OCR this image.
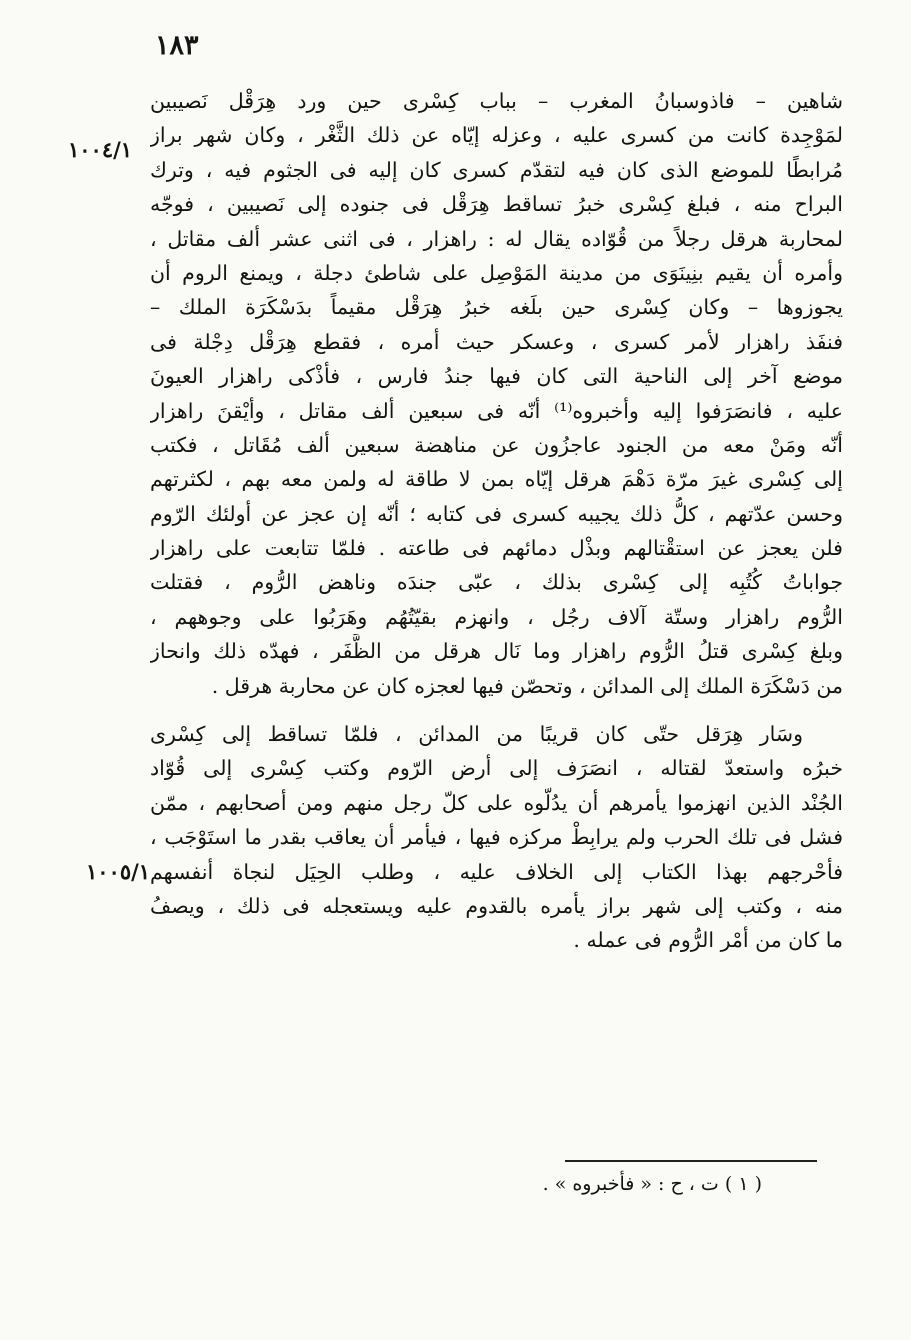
١٨٣
١٠٠٤/١
١٠٠٥/١
شاهين – فاذوسبانُ المغرب – بباب كِسْرى حين ورد هِرَقْل نَصيبين
لمَوْجِدة كانت من كسرى عليه ، وعزله إيّاه عن ذلك الثَّغْر ، وكان شهر براز
مُرابطًا للموضع الذى كان فيه لتقدّم كسرى كان إليه فى الجثوم فيه ، وترك
البراح منه ، فبلغ كِسْرى خبرُ تساقط هِرَقْل فى جنوده إلى نَصيبين ، فوجّه
لمحاربة هرقل رجلاً من قُوّاده يقال له : راهزار ، فى اثنى عشر ألف مقاتل ،
وأمره أن يقيم بنِينَوَى من مدينة المَوْصِل على شاطئ دجلة ، ويمنع الروم أن
يجوزوها – وكان كِسْرى حين بلَغه خبرُ هِرَقْل مقيماً بدَسْكَرَة الملك –
فنفَذ راهزار لأمر كسرى ، وعسكر حيث أمره ، فقطع هِرَقْل دِجْلة فى
موضع آخر إلى الناحية التى كان فيها جندُ فارس ، فأذْكى راهزار العيونَ
عليه ، فانصَرَفوا إليه وأخبروه⁽¹⁾ أنّه فى سبعين ألف مقاتل ، وأيْقنَ راهزار
أنّه ومَنْ معه من الجنود عاجزُون عن مناهضة سبعين ألف مُقَاتل ، فكتب
إلى كِسْرى غيرَ مرّة دَهْمَ هرقل إيّاه بمن لا طاقة له ولمن معه بهم ، لكثرتهم
وحسن عدّتهم ، كلُّ ذلك يجيبه كسرى فى كتابه ؛ أنّه إن عجز عن أولئك الرّوم
فلن يعجز عن استقْتالهم وبذْل دمائهم فى طاعته . فلمّا تتابعت على راهزار
جواباتُ كُتُبِه إلى كِسْرى بذلك ، عبّى جندَه وناهض الرُّوم ، فقتلت
الرُّوم راهزار وستّة آلاف رجُل ، وانهزم بقيّتُهُم وهَرَبُوا على وجوههم ،
وبلغ كِسْرى قتلُ الرُّوم راهزار وما نَال هرقل من الظَّفَر ، فهدّه ذلك وانحاز
من دَسْكَرَة الملك إلى المدائن ، وتحصّن فيها لعجزه كان عن محاربة هرقل .
وسَار هِرَقل حتّى كان قريبًا من المدائن ، فلمّا تساقط إلى كِسْرى
خبرُه واستعدّ لقتاله ، انصَرَف إلى أرض الرّوم وكتب كِسْرى إلى قُوّاد
الجُنْد الذين انهزموا يأمرهم أن يدُلّوه على كلّ رجل منهم ومن أصحابهم ، ممّن
فشل فى تلك الحرب ولم يرابِطْ مركزه فيها ، فيأمر أن يعاقب بقدر ما استَوْجَب ،
فأحْرجهم بهذا الكتاب إلى الخلاف عليه ، وطلب الحِيَل لنجاة أنفسهم
منه ، وكتب إلى شهر براز يأمره بالقدوم عليه ويستعجله فى ذلك ، ويصفُ
ما كان من أمْر الرُّوم فى عمله .
( ١ ) ت ، ح : « فأخبروه » .
